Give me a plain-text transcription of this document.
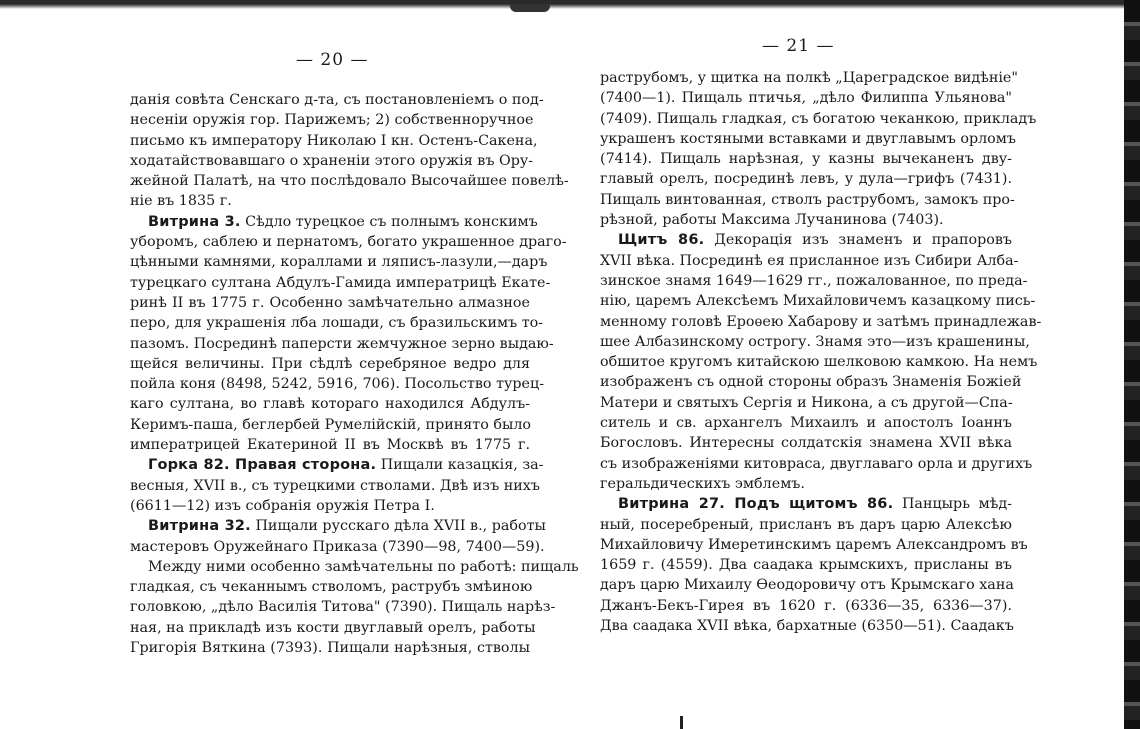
— 20 —
данія совѣта Сенскаго д-та, съ постановленіемъ о под-
несеніи оружія гор. Парижемъ; 2) собственноручное
письмо къ императору Николаю I кн. Остенъ-Сакена,
ходатайствовавшаго о храненіи этого оружія въ Ору-
жейной Палатѣ, на что послѣдовало Высочайшее повелѣ-
ніе въ 1835 г.
Витрина 3. Сѣдло турецкое съ полнымъ конскимъ
уборомъ, саблею и пернатомъ, богато украшенное драго-
цѣнными камнями, кораллами и ляписъ-лазули,—даръ
турецкаго султана Абдулъ-Гамида императрицѣ Екате-
ринѣ II въ 1775 г. Особенно замѣчательно алмазное
перо, для украшенія лба лошади, съ бразильскимъ то-
пазомъ. Посрединѣ паперсти жемчужное зерно выдаю-
щейся величины. При сѣдлѣ серебряное ведро для
пойла коня (8498, 5242, 5916, 706). Посольство турец-
каго султана, во главѣ котораго находился Абдулъ-
Керимъ-паша, беглербей Румелійскій, принято было
императрицей Екатериной II въ Москвѣ въ 1775 г.
Горка 82. Правая сторона. Пищали казацкія, за-
весныя, XVII в., съ турецкими стволами. Двѣ изъ нихъ
(6611—12) изъ собранія оружія Петра I.
Витрина 32. Пищали русскаго дѣла XVII в., работы
мастеровъ Оружейнаго Приказа (7390—98, 7400—59).
Между ними особенно замѣчательны по работѣ: пищаль
гладкая, съ чеканнымъ стволомъ, раструбъ змѣиною
головкою, „дѣло Василія Титова" (7390). Пищаль нарѣз-
ная, на прикладѣ изъ кости двуглавый орелъ, работы
Григорія Вяткина (7393). Пищали нарѣзныя, стволы
— 21 —
раструбомъ, у щитка на полкѣ „Цареградское видѣніе"
(7400—1). Пищаль птичья, „дѣло Филиппа Ульянова"
(7409). Пищаль гладкая, съ богатою чеканкою, прикладъ
украшенъ костяными вставками и двуглавымъ орломъ
(7414). Пищаль нарѣзная, у казны вычеканенъ дву-
главый орелъ, посрединѣ левъ, у дула—грифъ (7431).
Пищаль винтованная, стволъ раструбомъ, замокъ про-
рѣзной, работы Максима Лучанинова (7403).
Щитъ 86. Декорація изъ знаменъ и прапоровъ
XVII вѣка. Посрединѣ ея присланное изъ Сибири Алба-
зинское знамя 1649—1629 гг., пожалованное, по преда-
нію, царемъ Алексѣемъ Михайловичемъ казацкому пись-
менному головѣ Ероѳею Хабарову и затѣмъ принадлежав-
шее Албазинскому острогу. Знамя это—изъ крашенины,
обшитое кругомъ китайскою шелковою камкою. На немъ
изображенъ съ одной стороны образъ Знаменія Божіей
Матери и святыхъ Сергія и Никона, а съ другой—Спа-
ситель и св. архангелъ Михаилъ и апостолъ Іоаннъ
Богословъ. Интересны солдатскія знамена XVII вѣка
съ изображеніями китовраса, двуглаваго орла и другихъ
геральдическихъ эмблемъ.
Витрина 27. Подъ щитомъ 86. Панцырь мѣд-
ный, посеребреный, присланъ въ даръ царю Алексѣю
Михайловичу Имеретинскимъ царемъ Александромъ въ
1659 г. (4559). Два саадака крымскихъ, присланы въ
даръ царю Михаилу Ѳеодоровичу отъ Крымскаго хана
Джанъ-Бекъ-Гирея въ 1620 г. (6336—35, 6336—37).
Два саадака XVII вѣка, бархатные (6350—51). Саадакъ
